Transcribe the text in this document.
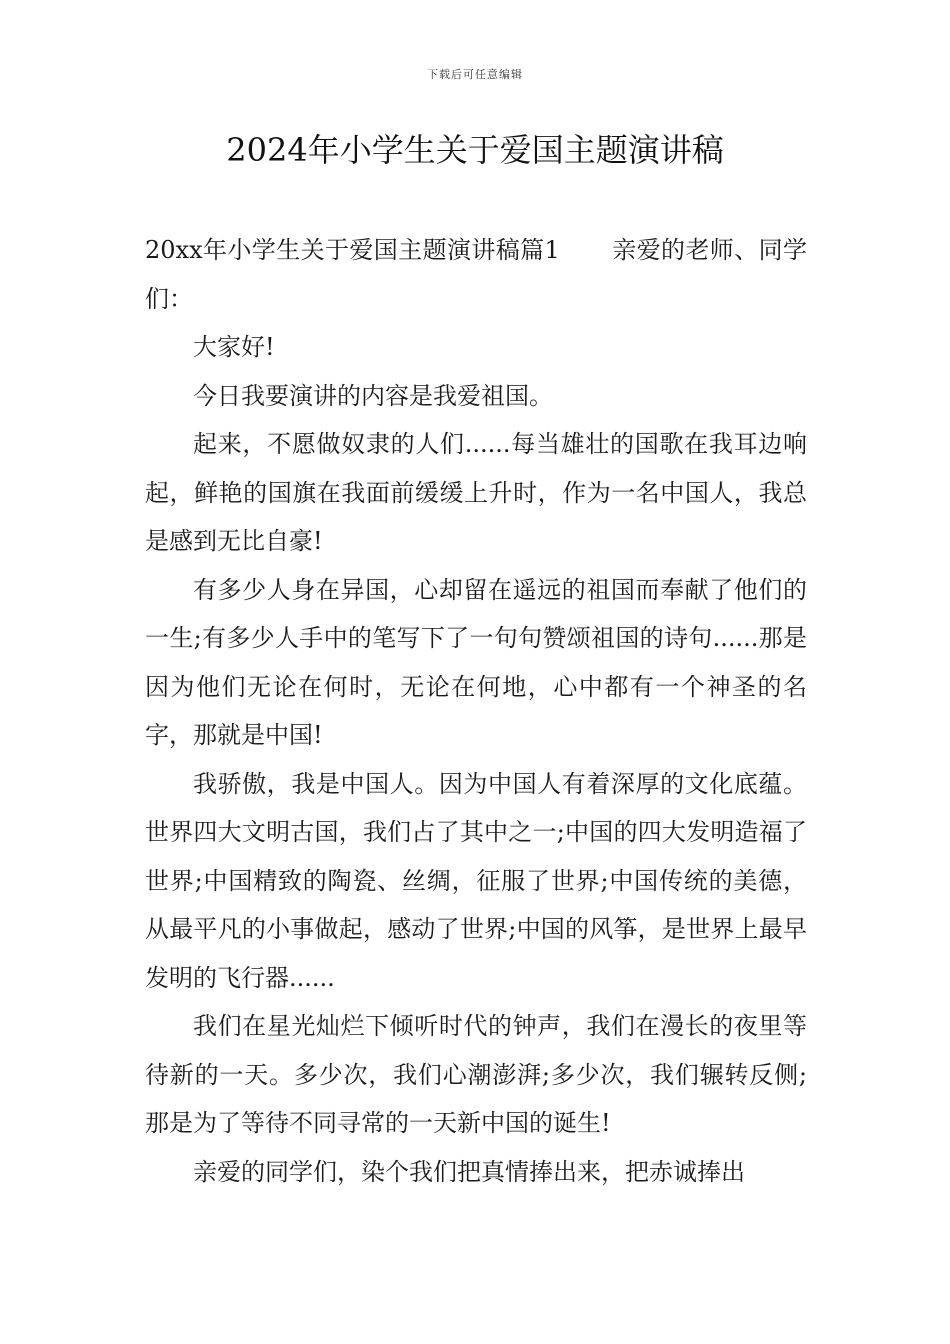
下载后可任意编辑
2024年小学生关于爱国主题演讲稿

20xx年小学生关于爱国主题演讲稿篇1 亲爱的老师、同学们：

大家好!

今日我要演讲的内容是我爱祖国。

起来，不愿做奴隶的人们......每当雄壮的国歌在我耳边响起，鲜艳的国旗在我面前缓缓上升时，作为一名中国人，我总是感到无比自豪!

有多少人身在异国，心却留在遥远的祖国而奉献了他们的一生;有多少人手中的笔写下了一句句赞颂祖国的诗句......那是因为他们无论在何时，无论在何地，心中都有一个神圣的名字，那就是中国!

我骄傲，我是中国人。因为中国人有着深厚的文化底蕴。世界四大文明古国，我们占了其中之一;中国的四大发明造福了世界;中国精致的陶瓷、丝绸，征服了世界;中国传统的美德，从最平凡的小事做起，感动了世界;中国的风筝，是世界上最早发明的飞行器......

我们在星光灿烂下倾听时代的钟声，我们在漫长的夜里等待新的一天。多少次，我们心潮澎湃;多少次，我们辗转反侧;那是为了等待不同寻常的一天新中国的诞生!

亲爱的同学们，染个我们把真情捧出来，把赤诚捧出
